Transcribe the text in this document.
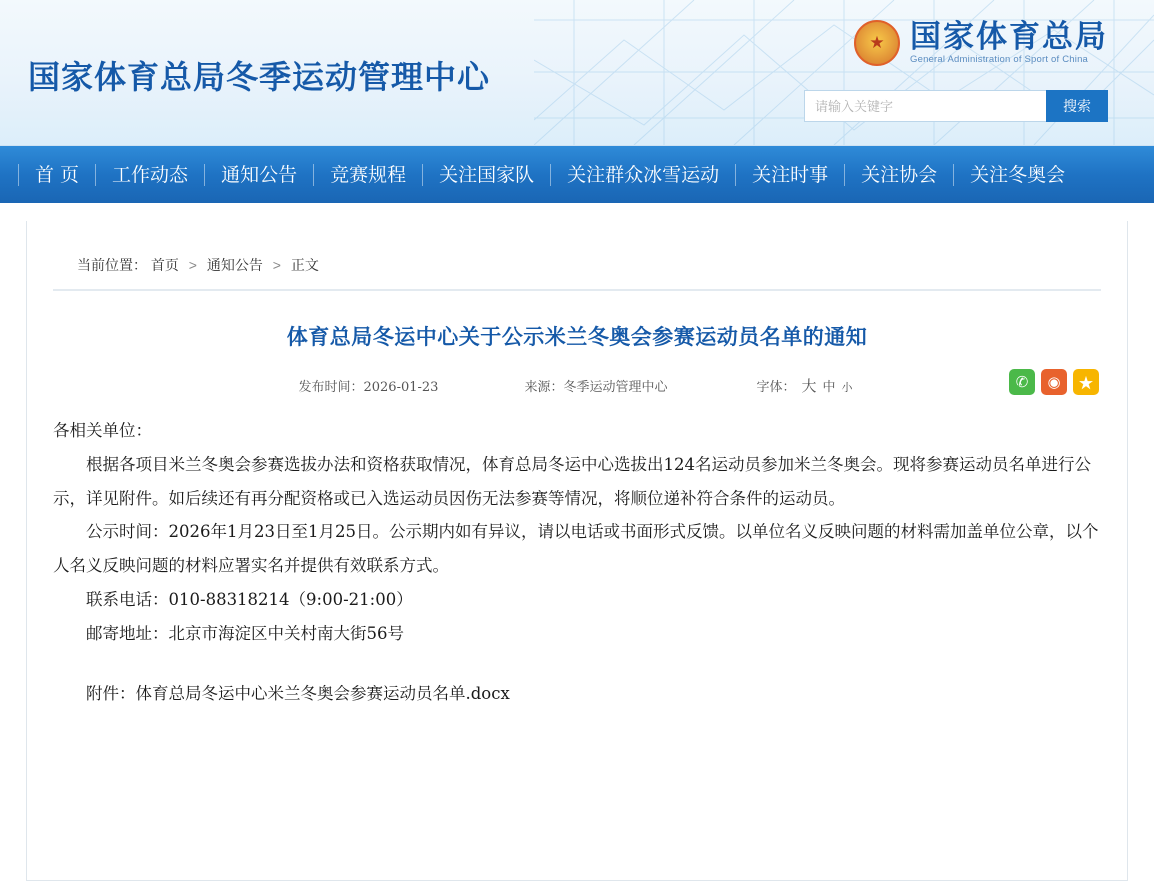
国家体育总局冬季运动管理中心
★
国家体育总局
General Administration of Sport of China
请输入关键字
搜索
首 页	工作动态	通知公告	竞赛规程	关注国家队	关注群众冰雪运动	关注时事	关注协会	关注冬奥会
当前位置： 首页 > 通知公告 > 正文
体育总局冬运中心关于公示米兰冬奥会参赛运动员名单的通知
发布时间：2026-01-23	来源：冬季运动管理中心	字体： 大 中 小	✆	◉	★

各相关单位：

根据各项目米兰冬奥会参赛选拔办法和资格获取情况，体育总局冬运中心选拔出124名运动员参加米兰冬奥会。现将参赛运动员名单进行公示，详见附件。如后续还有再分配资格或已入选运动员因伤无法参赛等情况，将顺位递补符合条件的运动员。

公示时间：2026年1月23日至1月25日。公示期内如有异议，请以电话或书面形式反馈。以单位名义反映问题的材料需加盖单位公章，以个人名义反映问题的材料应署实名并提供有效联系方式。

联系电话：010-88318214（9:00-21:00）

邮寄地址：北京市海淀区中关村南大街56号

附件：体育总局冬运中心米兰冬奥会参赛运动员名单.docx
